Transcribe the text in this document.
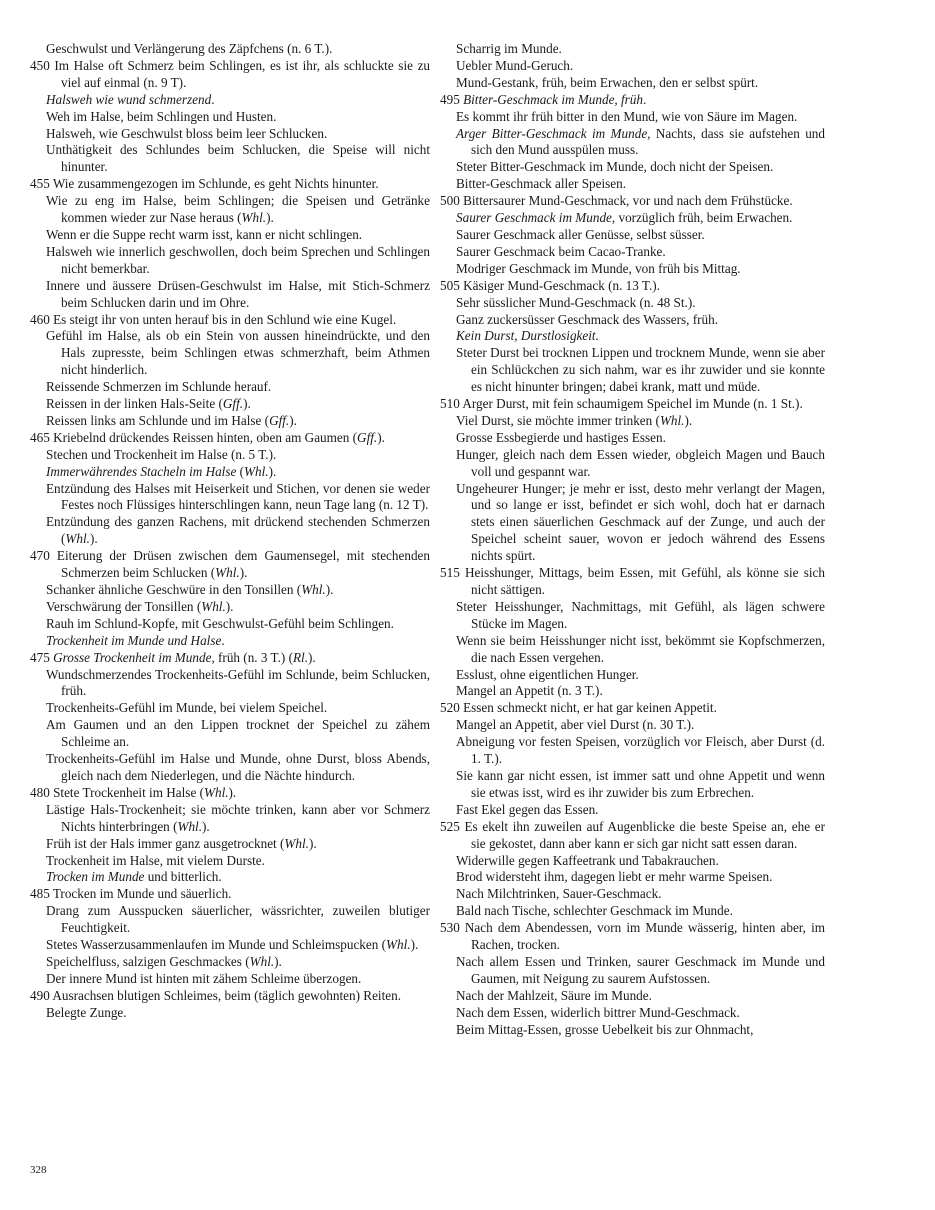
Geschwulst und Verlängerung des Zäpfchens (n. 6 T.).
450 Im Halse oft Schmerz beim Schlingen, es ist ihr, als schluckte sie zu viel auf einmal (n. 9 T).
Halsweh wie wund schmerzend.
Weh im Halse, beim Schlingen und Husten.
Halsweh, wie Geschwulst bloss beim leer Schlucken.
Unthätigkeit des Schlundes beim Schlucken, die Speise will nicht hinunter.
455 Wie zusammengezogen im Schlunde, es geht Nichts hinunter.
Wie zu eng im Halse, beim Schlingen; die Speisen und Getränke kommen wieder zur Nase heraus (Whl.).
Wenn er die Suppe recht warm isst, kann er nicht schlingen.
Halsweh wie innerlich geschwollen, doch beim Sprechen und Schlingen nicht bemerkbar.
Innere und äussere Drüsen-Geschwulst im Halse, mit Stich-Schmerz beim Schlucken darin und im Ohre.
460 Es steigt ihr von unten herauf bis in den Schlund wie eine Kugel.
Gefühl im Halse, als ob ein Stein von aussen hineindrückte, und den Hals zupresste, beim Schlingen etwas schmerzhaft, beim Athmen nicht hinderlich.
Reissende Schmerzen im Schlunde herauf.
Reissen in der linken Hals-Seite (Gff.).
Reissen links am Schlunde und im Halse (Gff.).
465 Kriebelnd drückendes Reissen hinten, oben am Gaumen (Gff.).
Stechen und Trockenheit im Halse (n. 5 T.).
Immerwährendes Stacheln im Halse (Whl.).
Entzündung des Halses mit Heiserkeit und Stichen, vor denen sie weder Festes noch Flüssiges hinterschlingen kann, neun Tage lang (n. 12 T).
Entzündung des ganzen Rachens, mit drückend stechenden Schmerzen (Whl.).
470 Eiterung der Drüsen zwischen dem Gaumensegel, mit stechenden Schmerzen beim Schlucken (Whl.).
Schanker ähnliche Geschwüre in den Tonsillen (Whl.).
Verschwärung der Tonsillen (Whl.).
Rauh im Schlund-Kopfe, mit Geschwulst-Gefühl beim Schlingen.
Trockenheit im Munde und Halse.
475 Grosse Trockenheit im Munde, früh (n. 3 T.) (Rl.).
Wundschmerzendes Trockenheits-Gefühl im Schlunde, beim Schlucken, früh.
Trockenheits-Gefühl im Munde, bei vielem Speichel.
Am Gaumen und an den Lippen trocknet der Speichel zu zähem Schleime an.
Trockenheits-Gefühl im Halse und Munde, ohne Durst, bloss Abends, gleich nach dem Niederlegen, und die Nächte hindurch.
480 Stete Trockenheit im Halse (Whl.).
Lästige Hals-Trockenheit; sie möchte trinken, kann aber vor Schmerz Nichts hinterbringen (Whl.).
Früh ist der Hals immer ganz ausgetrocknet (Whl.).
Trockenheit im Halse, mit vielem Durste.
Trocken im Munde und bitterlich.
485 Trocken im Munde und säuerlich.
Drang zum Ausspucken säuerlicher, wässrichter, zuweilen blutiger Feuchtigkeit.
Stetes Wasserzusammenlaufen im Munde und Schleimspucken (Whl.).
Speichelfluss, salzigen Geschmackes (Whl.).
Der innere Mund ist hinten mit zähem Schleime überzogen.
490 Ausrachsen blutigen Schleimes, beim (täglich gewohnten) Reiten.
Belegte Zunge.
Scharrig im Munde.
Uebler Mund-Geruch.
Mund-Gestank, früh, beim Erwachen, den er selbst spürt.
495 Bitter-Geschmack im Munde, früh.
Es kommt ihr früh bitter in den Mund, wie von Säure im Magen.
Arger Bitter-Geschmack im Munde, Nachts, dass sie aufstehen und sich den Mund ausspülen muss.
Steter Bitter-Geschmack im Munde, doch nicht der Speisen.
Bitter-Geschmack aller Speisen.
500 Bittersaurer Mund-Geschmack, vor und nach dem Frühstücke.
Saurer Geschmack im Munde, vorzüglich früh, beim Erwachen.
Saurer Geschmack aller Genüsse, selbst süsser.
Saurer Geschmack beim Cacao-Tranke.
Modriger Geschmack im Munde, von früh bis Mittag.
505 Käsiger Mund-Geschmack (n. 13 T.).
Sehr süsslicher Mund-Geschmack (n. 48 St.).
Ganz zuckersüsser Geschmack des Wassers, früh.
Kein Durst, Durstlosigkeit.
Steter Durst bei trocknen Lippen und trocknem Munde, wenn sie aber ein Schlückchen zu sich nahm, war es ihr zuwider und sie konnte es nicht hinunter bringen; dabei krank, matt und müde.
510 Arger Durst, mit fein schaumigem Speichel im Munde (n. 1 St.).
Viel Durst, sie möchte immer trinken (Whl.).
Grosse Essbegierde und hastiges Essen.
Hunger, gleich nach dem Essen wieder, obgleich Magen und Bauch voll und gespannt war.
Ungeheurer Hunger; je mehr er isst, desto mehr verlangt der Magen, und so lange er isst, befindet er sich wohl, doch hat er darnach stets einen säuerlichen Geschmack auf der Zunge, und auch der Speichel scheint sauer, wovon er jedoch während des Essens nichts spürt.
515 Heisshunger, Mittags, beim Essen, mit Gefühl, als könne sie sich nicht sättigen.
Steter Heisshunger, Nachmittags, mit Gefühl, als lägen schwere Stücke im Magen.
Wenn sie beim Heisshunger nicht isst, bekömmt sie Kopfschmerzen, die nach Essen vergehen.
Esslust, ohne eigentlichen Hunger.
Mangel an Appetit (n. 3 T.).
520 Essen schmeckt nicht, er hat gar keinen Appetit.
Mangel an Appetit, aber viel Durst (n. 30 T.).
Abneigung vor festen Speisen, vorzüglich vor Fleisch, aber Durst (d. 1. T.).
Sie kann gar nicht essen, ist immer satt und ohne Appetit und wenn sie etwas isst, wird es ihr zuwider bis zum Erbrechen.
Fast Ekel gegen das Essen.
525 Es ekelt ihn zuweilen auf Augenblicke die beste Speise an, ehe er sie gekostet, dann aber kann er sich gar nicht satt essen daran.
Widerwille gegen Kaffeetrank und Tabakrauchen.
Brod widersteht ihm, dagegen liebt er mehr warme Speisen.
Nach Milchtrinken, Sauer-Geschmack.
Bald nach Tische, schlechter Geschmack im Munde.
530 Nach dem Abendessen, vorn im Munde wässerig, hinten aber, im Rachen, trocken.
Nach allem Essen und Trinken, saurer Geschmack im Munde und Gaumen, mit Neigung zu saurem Aufstossen.
Nach der Mahlzeit, Säure im Munde.
Nach dem Essen, widerlich bittrer Mund-Geschmack.
Beim Mittag-Essen, grosse Uebelkeit bis zur Ohnmacht,
328
